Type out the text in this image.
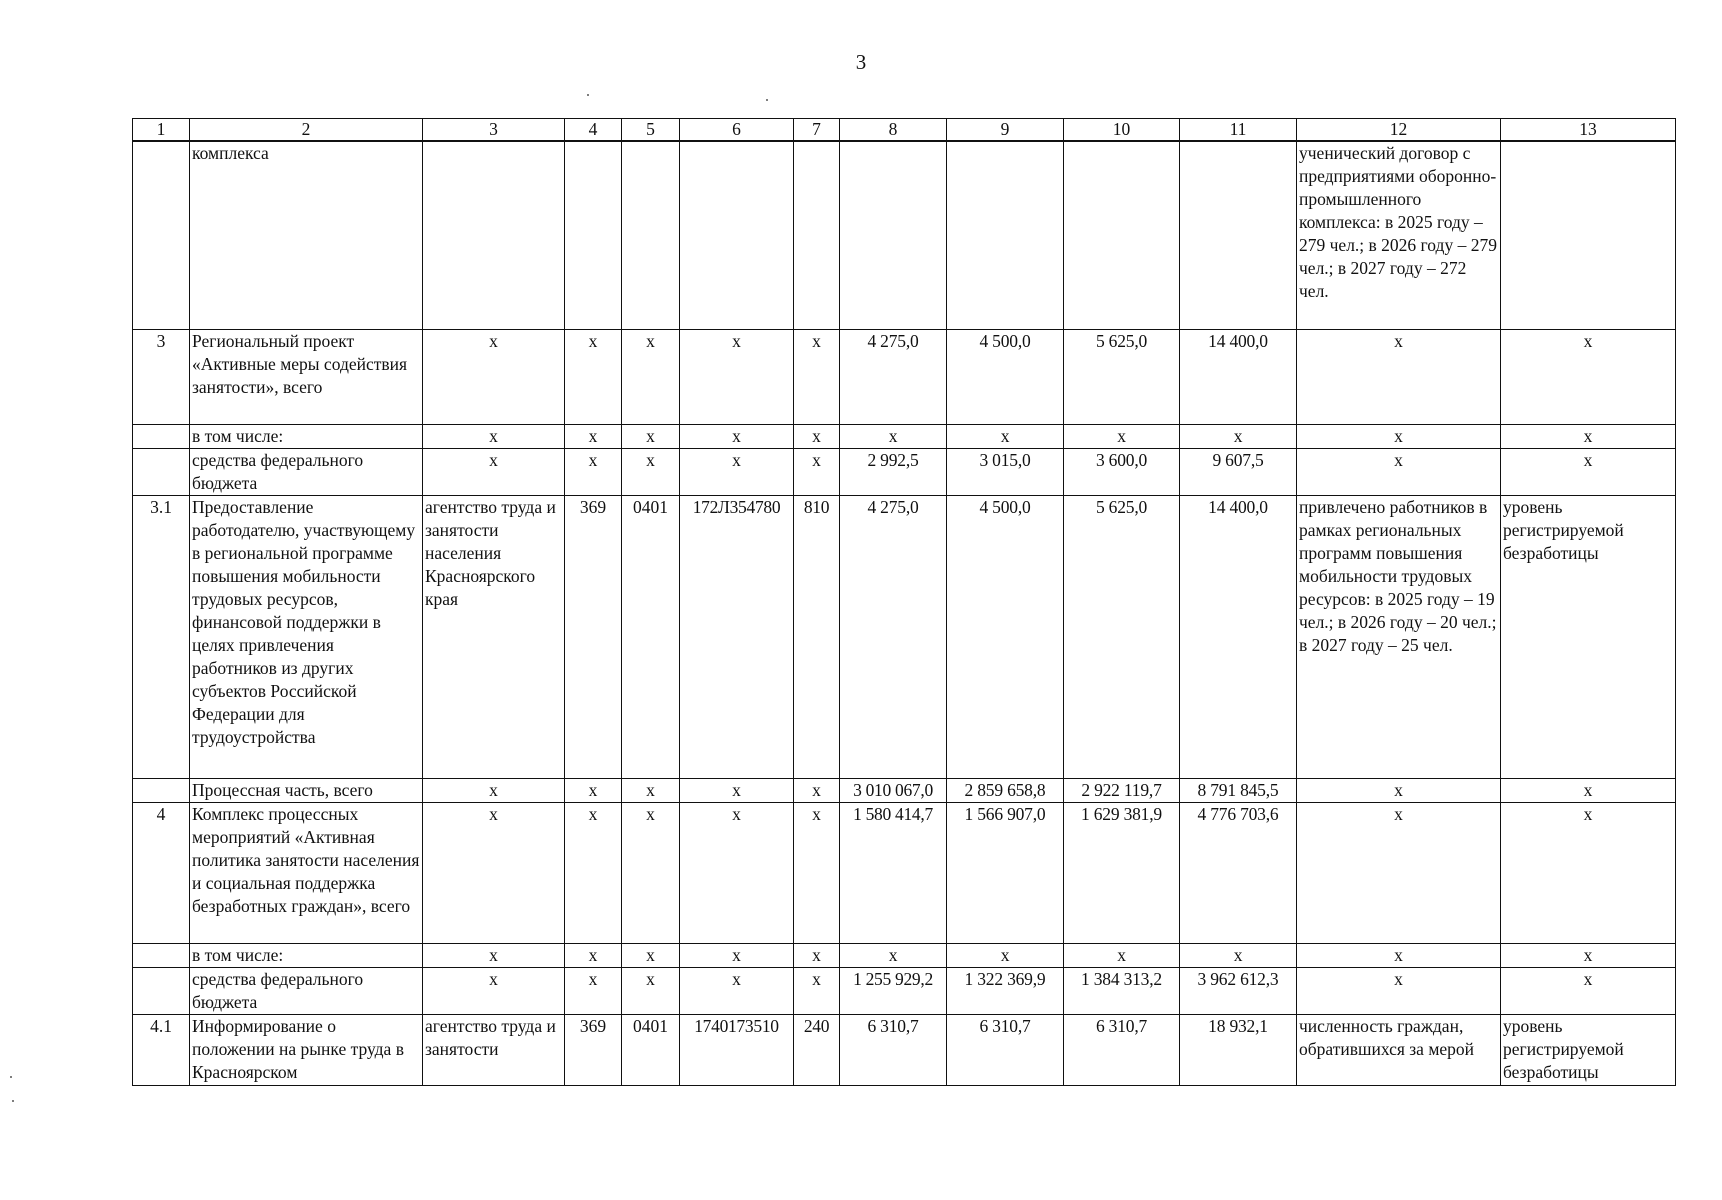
3
1	2	3	4	5	6	7	8	9	10	11	12	13
	комплекса										ученический договор с предприятиями оборонно-промышленного комплекса: в 2025 году – 279 чел.; в 2026 году – 279 чел.; в 2027 году – 272 чел.	
3	Региональный проект «Активные меры содействия занятости», всего	х	х	х	х	х	4 275,0	4 500,0	5 625,0	14 400,0	х	х
	в том числе:	х	х	х	х	х	х	х	х	х	х	х
	средства федерального бюджета	х	х	х	х	х	2 992,5	3 015,0	3 600,0	9 607,5	х	х
3.1	Предоставление работодателю, участвующему в региональной программе повышения мобильности трудовых ресурсов, финансовой поддержки в целях привлечения работников из других субъектов Российской Федерации для трудоустройства	агентство труда и занятости населения Красноярского края	369	0401	172Л354780	810	4 275,0	4 500,0	5 625,0	14 400,0	привлечено работников в рамках региональных программ повышения мобильности трудовых ресурсов: в 2025 году – 19 чел.; в 2026 году – 20 чел.; в 2027 году – 25 чел.	уровень регистрируемой безработицы
	Процессная часть, всего	х	х	х	х	х	3 010 067,0	2 859 658,8	2 922 119,7	8 791 845,5	х	х
4	Комплекс процессных мероприятий «Активная политика занятости населения и социальная поддержка безработных граждан», всего	х	х	х	х	х	1 580 414,7	1 566 907,0	1 629 381,9	4 776 703,6	х	х
	в том числе:	х	х	х	х	х	х	х	х	х	х	х
	средства федерального бюджета	х	х	х	х	х	1 255 929,2	1 322 369,9	1 384 313,2	3 962 612,3	х	х
4.1	Информирование о положении на рынке труда в Красноярском	агентство труда и занятости	369	0401	1740173510	240	6 310,7	6 310,7	6 310,7	18 932,1	численность граждан, обратившихся за мерой	уровень регистрируемой безработицы
